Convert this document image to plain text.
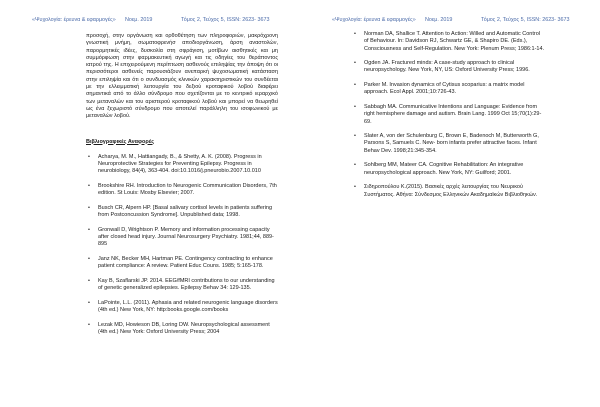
«Ψυχολογία: έρευνα & εφαρμογές» Νοεμ. 2019	Τόμος 2, Τεύχος 5, ISSN: 2623- 3673

προσοχή, στην οργάνωση και ορθοθέτηση των πληροφοριών, μακρόχρονη γνωστική μνήμη, σωματοφρενήσ αποδιοργάνωση, άρση αναστολών, παρορμητικές ιδέες, δυσκολία στη σφράγιση, μοτίβων αισθητικές και μη συμμόρφωση στην φαρμακευτική αγωγή και τις οδηγίες του θεράποντος ιατρού της. Η επιχειρούμενη περίπτωση ασθενούς επιληψίας την άποψη ότι οι περισσότεροι ασθενείς παρουσιάζουν ανεπαρκή ψυχοσωματική κατάσταση στην επιληψία και ότι ο συνδυασμός κλινικών χαρακτηριστικών του συνδέεται με την ελλειμματική λειτουργία του δεξιού κροταφικού λοβού διαφέρει σημαντικά από το άλλο σύνδρομο που σχετίζονται με το κεντρικό ιεραρχικό των μεταναλών και του αριστερού κροταφικού λοβού και μπορεί να θεωρηθεί ως ένα ξεχωριστό σύνδρομο που αποτελεί παράλληλη του ισοφωνικού με μεταναλών λοβού.

Βιβλιογραφικές Αναφορές
• Acharya, M. M., Hattiangady, B., & Shetty, A. K. (2008). Progress in Neuroprotective Strategies for Preventing Epilepsy. Progress in neurobiology, 84(4), 363-404. doi:10.1016/j.pneurobio.2007.10.010
• Brookshire RH. Introduction to Neurogenic Communication Disorders, 7th edition. St Louis: Mosby Elsevier; 2007.
• Busch CR, Alpern HP. [Basal salivary cortisol levels in patients suffering from Postconcussion Syndrome]. Unpublished data; 1998.
• Gronwall D, Wrightson P. Memory and information processing capacity after closed head injury. Journal Neurosurgery Psychiatry. 1981;44, 889-895
• Janz NK, Becker MH, Hartman PE. Contingency contracting to enhance patient compliance: A review. Patient Educ Couns. 1985; 5:165-178.
• Kay B, Szaflarski JP. 2014. EEG/fMRI contributions to our understanding of genetic generalized epilepsies. Epilepsy Behav 34: 129-135.
• LaPointe, L.L. (2011). Aphasia and related neurogenic language disorders (4th ed.) New York, NY: http:books.google.com/books
• Lezak MD, Howieson DB, Loring DW. Neuropsychological assessment (4th ed.) New York: Oxford University Press; 2004
«Ψυχολογία: έρευνα & εφαρμογές» Νοεμ. 2019	Τόμος 2, Τεύχος 5, ISSN: 2623- 3673
• Norman DA, Shallice T. Attention to Action: Willed and Automatic Control of Behaviour. In: Davidson RJ, Schwartz GE, & Shapiro DE. (Eds.), Consciousness and Self-Regulation. New York: Plenum Press; 1986:1-14.
• Ogden JA. Fractured minds: A case-study approach to clinical neuropsychology. New York, NY, US: Oxford University Press; 1996.
• Parker M. Invasion dynamics of Cytisus scoparius: a matrix model approach. Ecol Appl. 2001;10:726-43.
• Sabbagh MA. Communicative Intentions and Language: Evidence from right hemisphere damage and autism. Brain Lang. 1999 Oct 15;70(1):29-69.
• Slater A, von der Schulenburg C, Brown E, Badenoch M, Butterworth G, Parsons S, Samuels C. New- born infants prefer attractive faces. Infant Behav Dev. 1998;21:345-354.
• Sohlberg MM, Mateer CA. Cognitive Rehabilitation: An integrative neuropsychological approach. New York, NY: Guilford; 2001.
• Σιδηροπούλου Κ.(2015). Βασικές αρχές λειτουργίας του Νευρικού Συστήματος. Αθήνα: Σύνδεσμος Ελληνικών Ακαδημαϊκών Βιβλιοθηκών.
